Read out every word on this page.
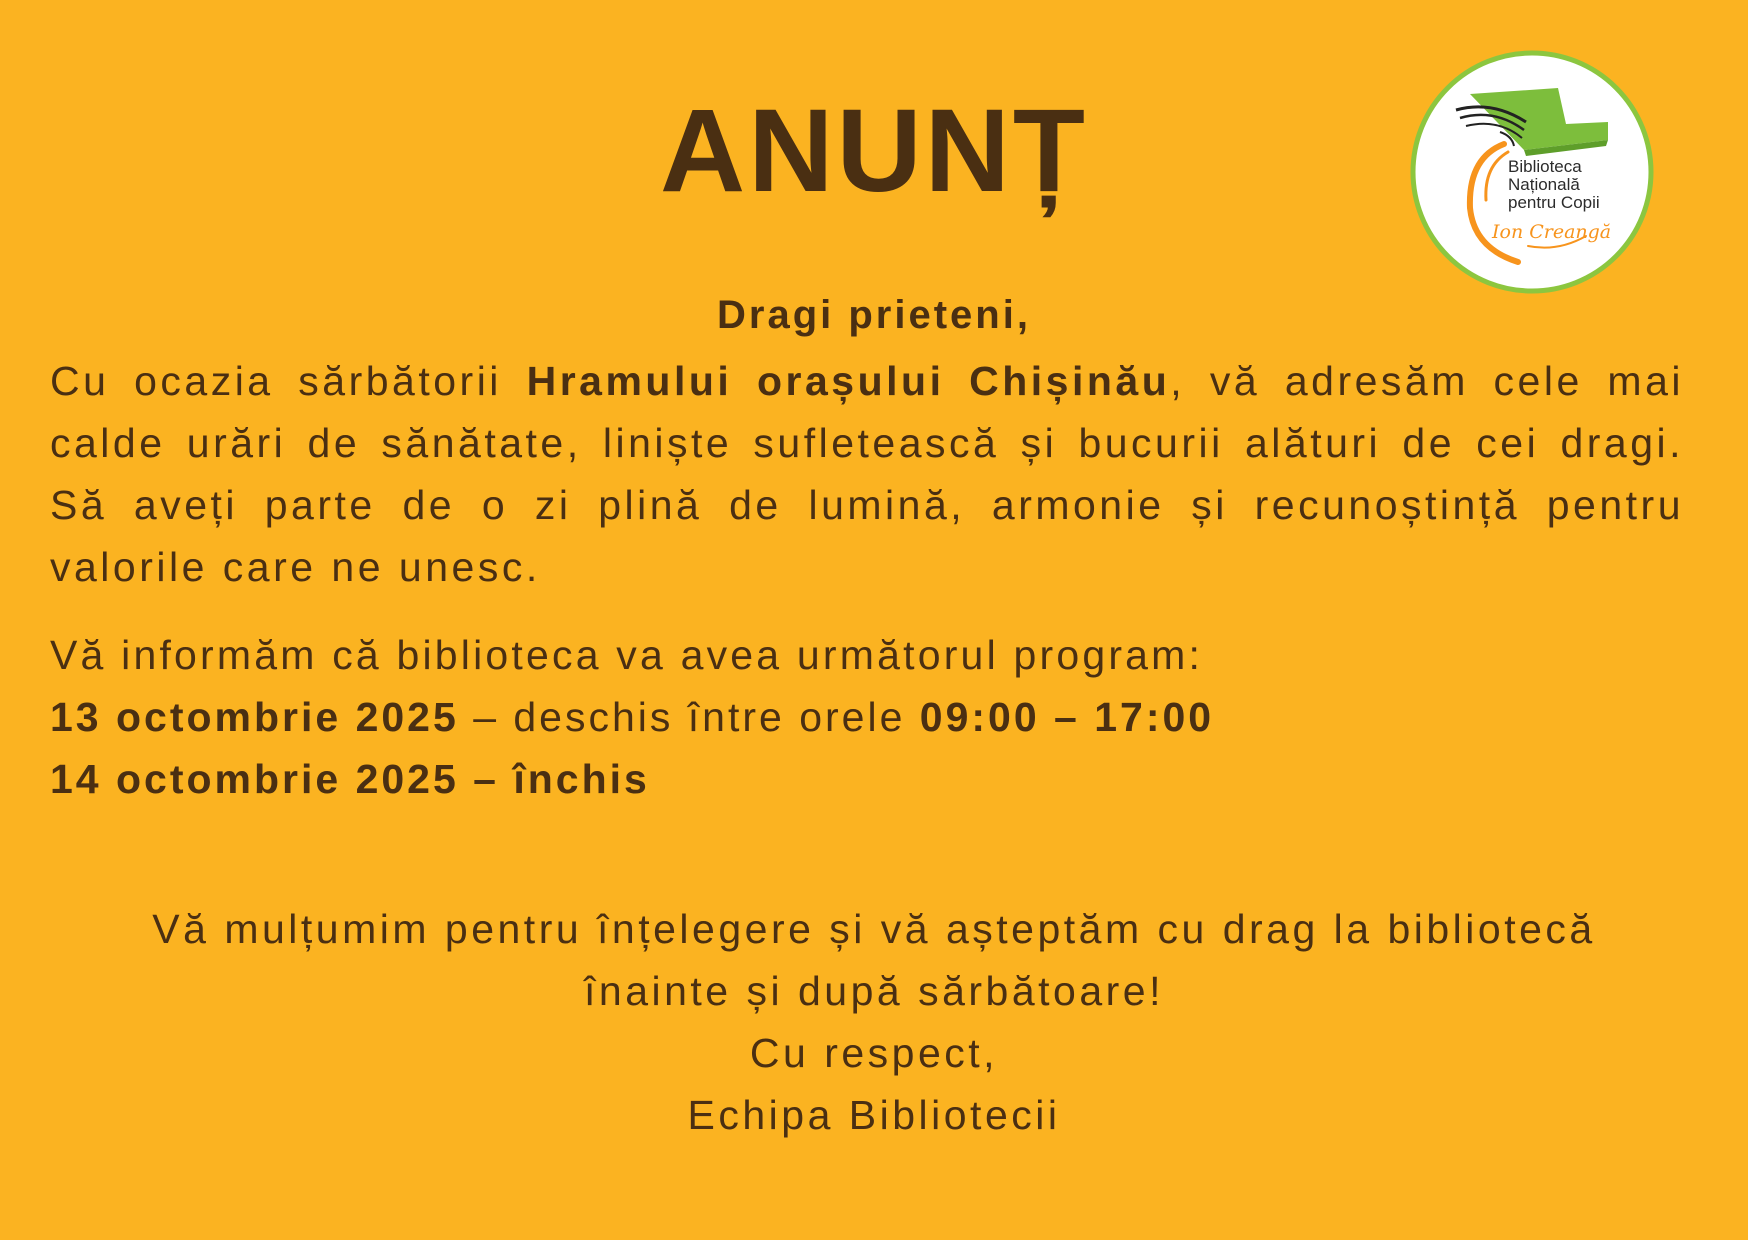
ANUNȚ	Biblioteca
Națională
pentru Copii
Ion Creangă
Dragi prieteni,

Cu ocazia sărbătorii Hramului orașului Chișinău, vă adresăm cele mai calde urări de sănătate, liniște sufletească și bucurii alături de cei dragi. Să aveți parte de o zi plină de lumină, armonie și recunoștință pentru valorile care ne unesc.

Vă informăm că biblioteca va avea următorul program:

13 octombrie 2025 – deschis între orele 09:00 – 17:00
14 octombrie 2025 – închis
Vă mulțumim pentru înțelegere și vă așteptăm cu drag la bibliotecă
înainte și după sărbătoare!
Cu respect,
Echipa Bibliotecii
